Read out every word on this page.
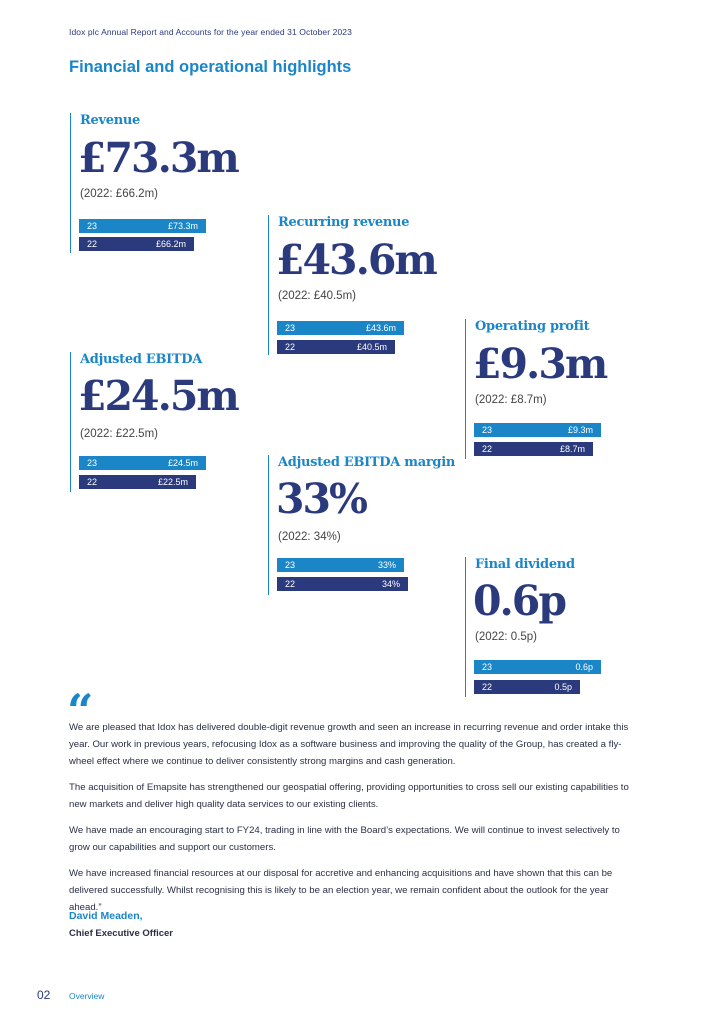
Idox plc Annual Report and Accounts for the year ended 31 October 2023
Financial and operational highlights
Revenue
£73.3m
(2022: £66.2m)
23	£73.3m
22	£66.2m
Recurring revenue
£43.6m
(2022: £40.5m)
23	£43.6m
22	£40.5m
Operating profit
£9.3m
(2022: £8.7m)
23	£9.3m
22	£8.7m
Adjusted EBITDA
£24.5m
(2022: £22.5m)
23	£24.5m
22	£22.5m
Adjusted EBITDA margin
33%
(2022: 34%)
23	33%
22	34%
Final dividend
0.6p
(2022: 0.5p)
23	0.6p
22	0.5p
“

We are pleased that Idox has delivered double-digit revenue growth and seen an increase in recurring revenue and order intake this year. Our work in previous years, refocusing Idox as a software business and improving the quality of the Group, has created a fly-wheel effect where we continue to deliver consistently strong margins and cash generation.

The acquisition of Emapsite has strengthened our geospatial offering, providing opportunities to cross sell our existing capabilities to new markets and deliver high quality data services to our existing clients.

We have made an encouraging start to FY24, trading in line with the Board’s expectations. We will continue to invest selectively to grow our capabilities and support our customers.

We have increased financial resources at our disposal for accretive and enhancing acquisitions and have shown that this can be delivered successfully. Whilst recognising this is likely to be an election year, we remain confident about the outlook for the year ahead.”

David Meaden,
Chief Executive Officer
02 Overview
